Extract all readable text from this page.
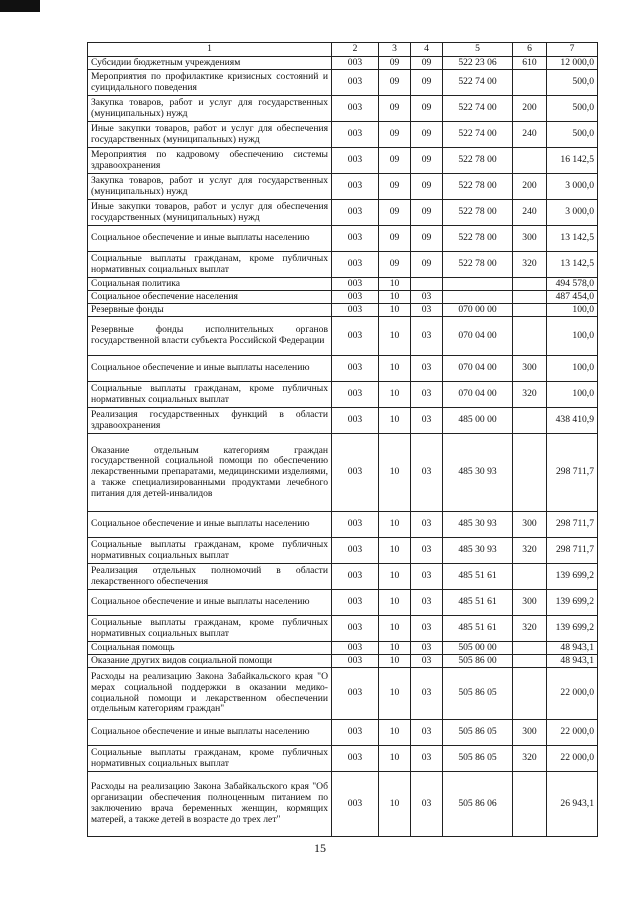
1	2	3	4	5	6	7
Субсидии бюджетным учреждениям	003	09	09	522 23 06	610	12 000,0
Мероприятия по профилактике кризисных состояний и суицидального поведения	003	09	09	522 74 00		500,0
Закупка товаров, работ и услуг для государственных (муниципальных) нужд	003	09	09	522 74 00	200	500,0
Иные закупки товаров, работ и услуг для обеспечения государственных (муниципальных) нужд	003	09	09	522 74 00	240	500,0
Мероприятия по кадровому обеспечению системы здравоохранения	003	09	09	522 78 00		16 142,5
Закупка товаров, работ и услуг для государственных (муниципальных) нужд	003	09	09	522 78 00	200	3 000,0
Иные закупки товаров, работ и услуг для обеспечения государственных (муниципальных) нужд	003	09	09	522 78 00	240	3 000,0
Социальное обеспечение и иные выплаты населению	003	09	09	522 78 00	300	13 142,5
Социальные выплаты гражданам, кроме публичных нормативных социальных выплат	003	09	09	522 78 00	320	13 142,5
Социальная политика	003	10				494 578,0
Социальное обеспечение населения	003	10	03			487 454,0
Резервные фонды	003	10	03	070 00 00		100,0
Резервные фонды исполнительных органов государственной власти субъекта Российской Федерации	003	10	03	070 04 00		100,0
Социальное обеспечение и иные выплаты населению	003	10	03	070 04 00	300	100,0
Социальные выплаты гражданам, кроме публичных нормативных социальных выплат	003	10	03	070 04 00	320	100,0
Реализация государственных функций в области здравоохранения	003	10	03	485 00 00		438 410,9
Оказание отдельным категориям граждан государственной социальной помощи по обеспечению лекарственными препаратами, медицинскими изделиями, а также специализированными продуктами лечебного питания для детей-инвалидов	003	10	03	485 30 93		298 711,7
Социальное обеспечение и иные выплаты населению	003	10	03	485 30 93	300	298 711,7
Социальные выплаты гражданам, кроме публичных нормативных социальных выплат	003	10	03	485 30 93	320	298 711,7
Реализация отдельных полномочий в области лекарственного обеспечения	003	10	03	485 51 61		139 699,2
Социальное обеспечение и иные выплаты населению	003	10	03	485 51 61	300	139 699,2
Социальные выплаты гражданам, кроме публичных нормативных социальных выплат	003	10	03	485 51 61	320	139 699,2
Социальная помощь	003	10	03	505 00 00		48 943,1
Оказание других видов социальной помощи	003	10	03	505 86 00		48 943,1
Расходы на реализацию Закона Забайкальского края "О мерах социальной поддержки в оказании медико-социальной помощи и лекарственном обеспечении отдельным категориям граждан"	003	10	03	505 86 05		22 000,0
Социальное обеспечение и иные выплаты населению	003	10	03	505 86 05	300	22 000,0
Социальные выплаты гражданам, кроме публичных нормативных социальных выплат	003	10	03	505 86 05	320	22 000,0
Расходы на реализацию Закона Забайкальского края "Об организации обеспечения полноценным питанием по заключению врача беременных женщин, кормящих матерей, а также детей в возрасте до трех лет"	003	10	03	505 86 06		26 943,1
15
